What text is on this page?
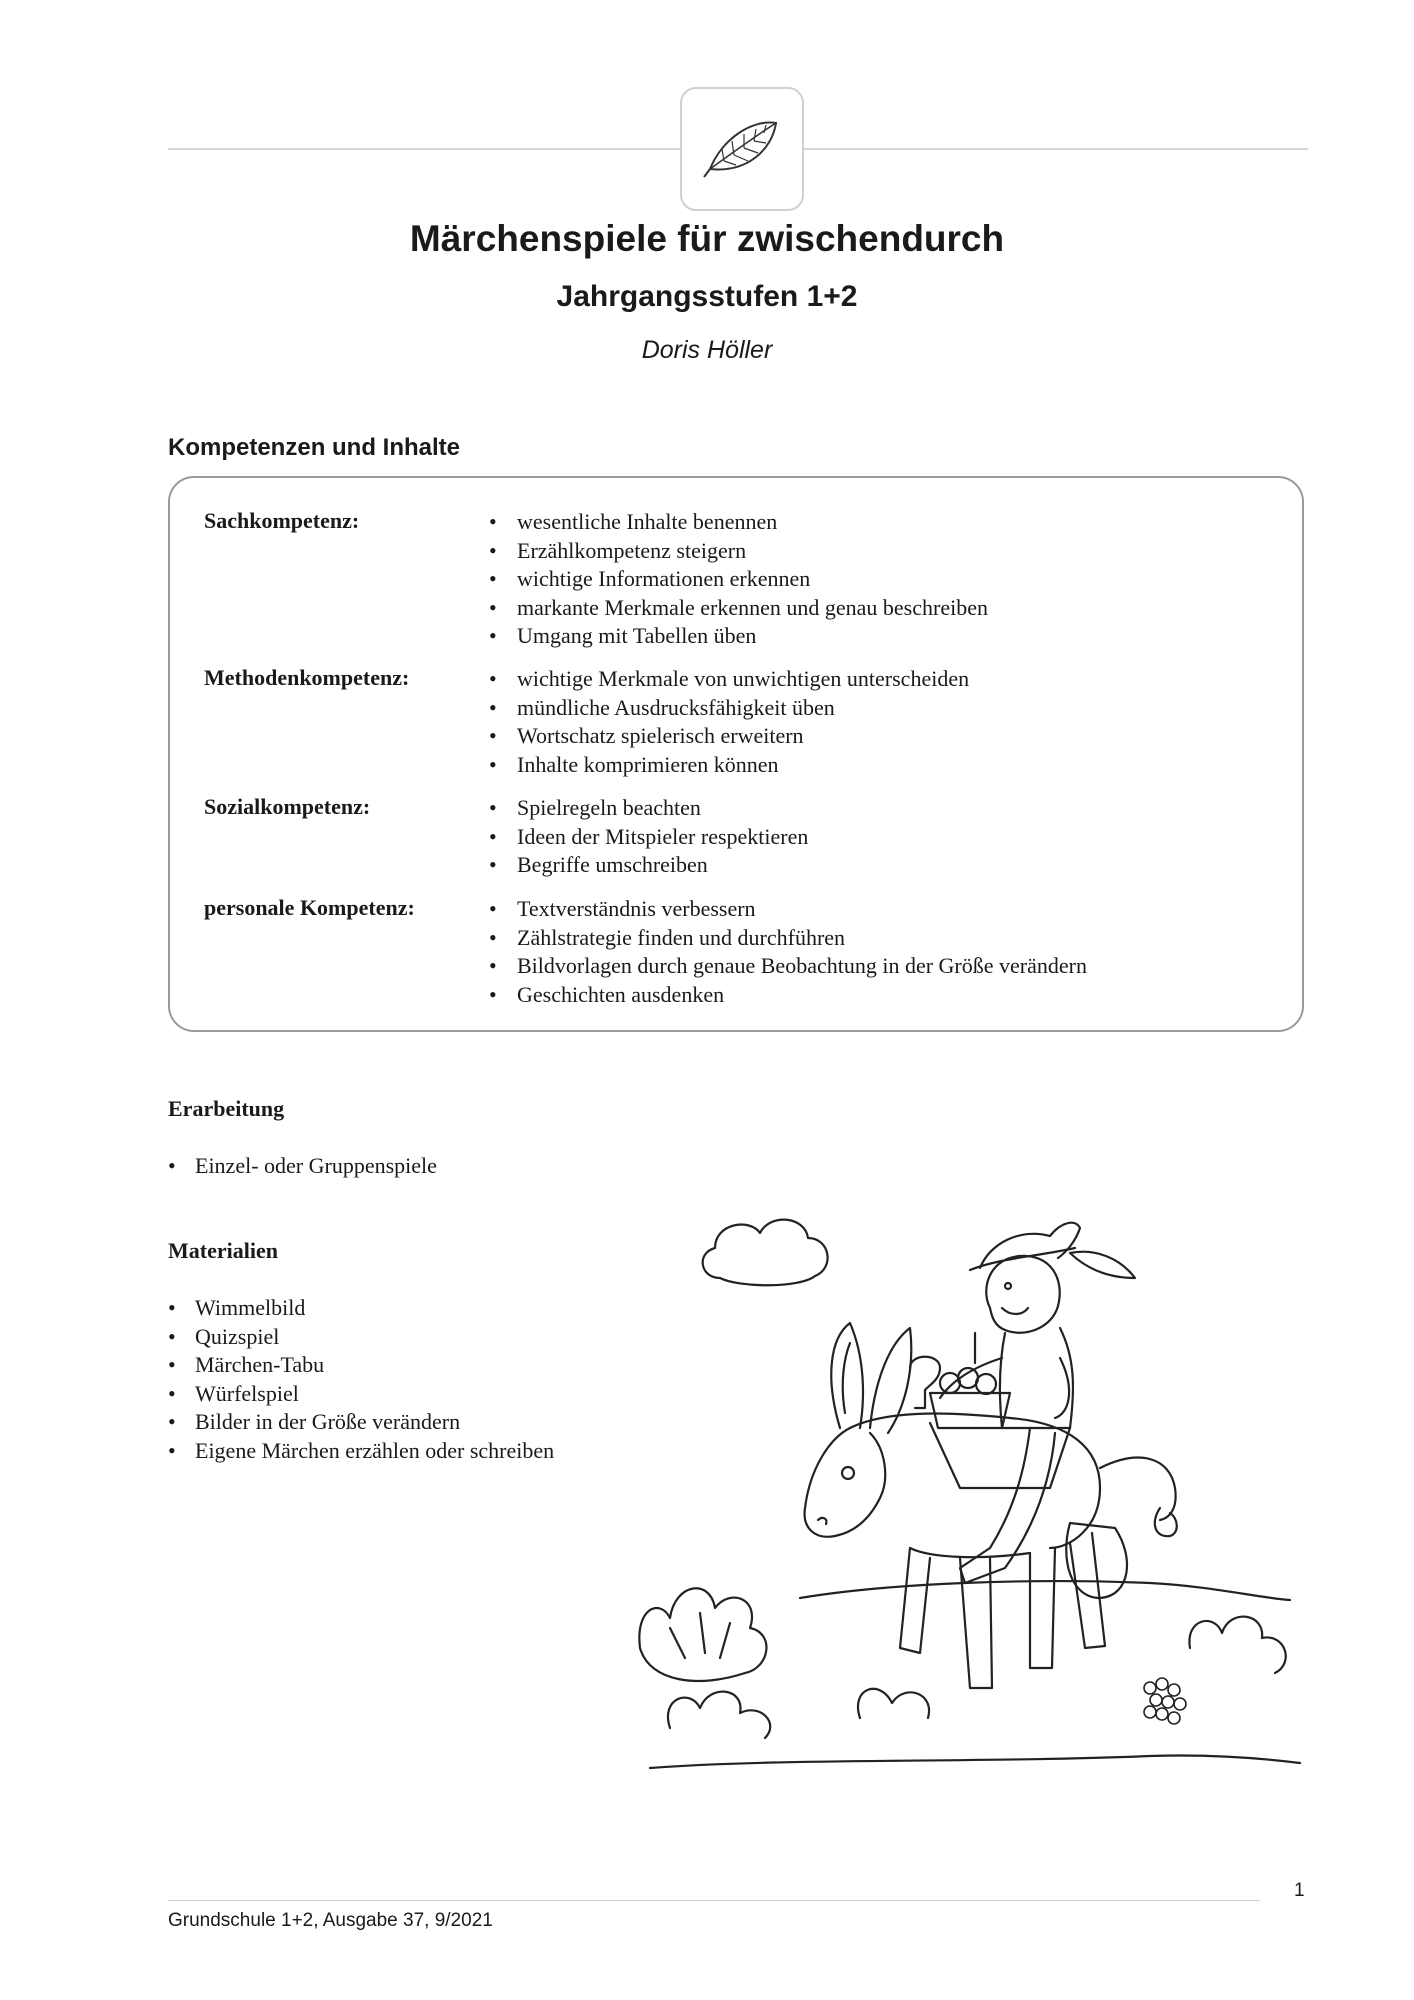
Märchenspiele für zwischendurch
Jahrgangsstufen 1+2
Doris Höller
Kompetenzen und Inhalte
Sachkompetenz:	• wesentliche Inhalte benennen
• Erzählkompetenz steigern
• wichtige Informationen erkennen
• markante Merkmale erkennen und genau beschreiben
• Umgang mit Tabellen üben
Methodenkompetenz:	• wichtige Merkmale von unwichtigen unterscheiden
• mündliche Ausdrucksfähigkeit üben
• Wortschatz spielerisch erweitern
• Inhalte komprimieren können
Sozialkompetenz:	• Spielregeln beachten
• Ideen der Mitspieler respektieren
• Begriffe umschreiben
personale Kompetenz:	• Textverständnis verbessern
• Zählstrategie finden und durchführen
• Bildvorlagen durch genaue Beobachtung in der Größe verändern
• Geschichten ausdenken
Erarbeitung
• Einzel- oder Gruppenspiele
Materialien
• Wimmelbild
• Quizspiel
• Märchen-Tabu
• Würfelspiel
• Bilder in der Größe verändern
• Eigene Märchen erzählen oder schreiben
Grundschule 1+2, Ausgabe 37, 9/2021
1
